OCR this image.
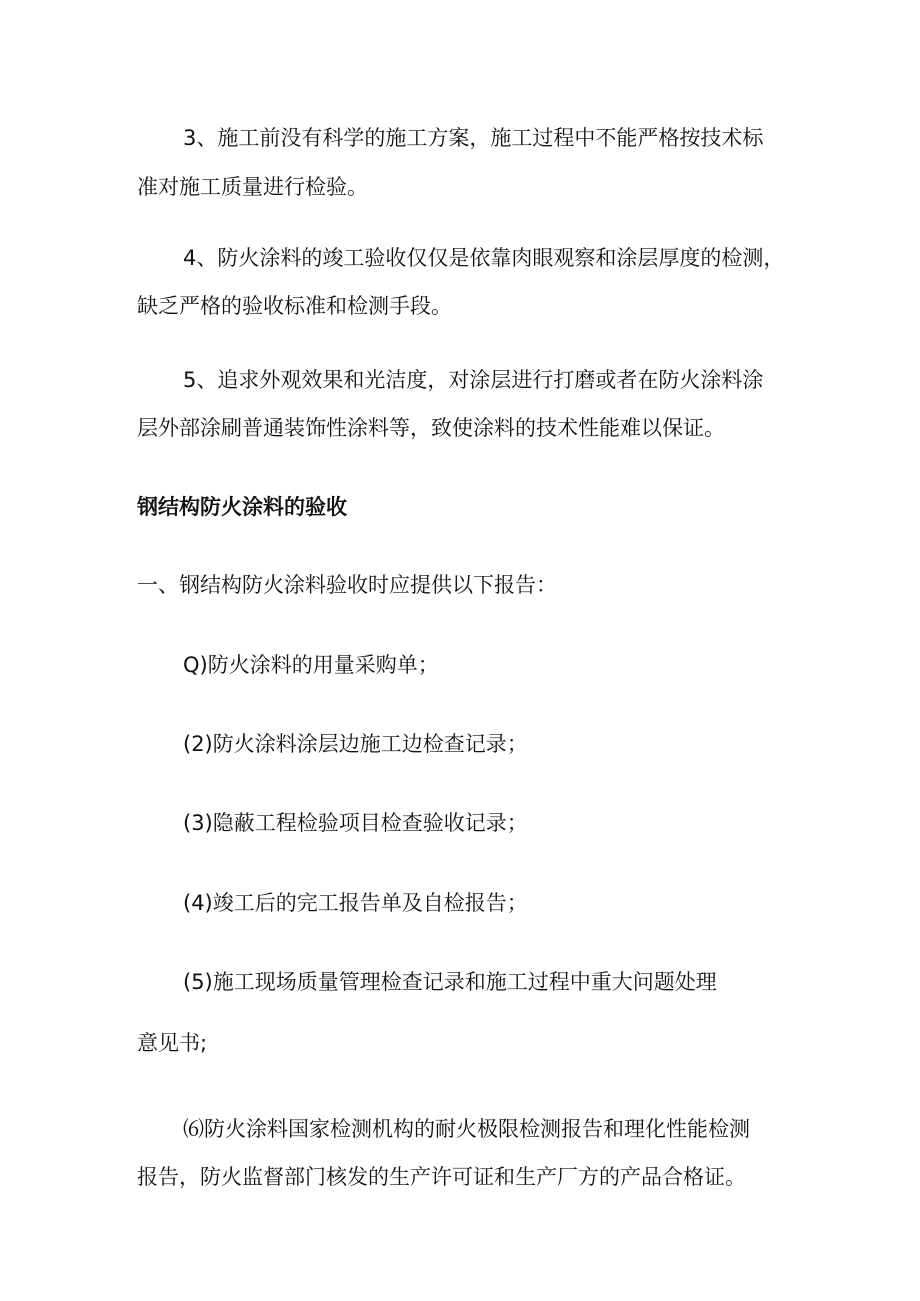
3、施工前没有科学的施工方案，施工过程中不能严格按技术标
准对施工质量进行检验。
4、防火涂料的竣工验收仅仅是依靠肉眼观察和涂层厚度的检测，
缺乏严格的验收标准和检测手段。
5、追求外观效果和光洁度，对涂层进行打磨或者在防火涂料涂
层外部涂刷普通装饰性涂料等，致使涂料的技术性能难以保证。
钢结构防火涂料的验收
一、钢结构防火涂料验收时应提供以下报告：
Q)防火涂料的用量采购单；
(2)防火涂料涂层边施工边检查记录；
(3)隐蔽工程检验项目检查验收记录；
(4)竣工后的完工报告单及自检报告；
(5)施工现场质量管理检查记录和施工过程中重大问题处理
意见书;
⑹防火涂料国家检测机构的耐火极限检测报告和理化性能检测
报告，防火监督部门核发的生产许可证和生产厂方的产品合格证。
